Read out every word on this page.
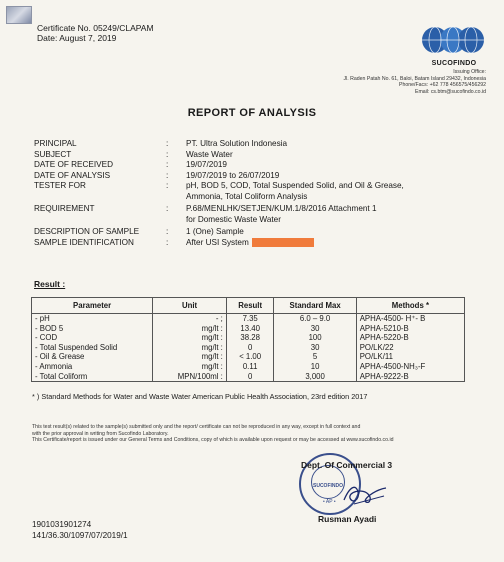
Certificate No. 05249/CLAPAM
Date: August 7, 2019
SUCOFINDO
Issuing Office:
Jl. Raden Patah No. 61, Baloi, Batam Island 29432, Indonesia
Phone/Facs: +62 778 456575/456292
Email: cs.btm@sucofindo.co.id
REPORT OF ANALYSIS
PRINCIPAL	:	PT. Ultra Solution Indonesia
SUBJECT	:	Waste Water
DATE OF RECEIVED	:	19/07/2019
DATE OF ANALYSIS	:	19/07/2019 to 26/07/2019
TESTER FOR	:	pH, BOD 5, COD, Total Suspended Solid, and Oil & Grease,
Ammonia, Total Coliform Analysis
REQUIREMENT	:	P.68/MENLHK/SETJEN/KUM.1/8/2016 Attachment 1
for Domestic Waste Water
DESCRIPTION OF SAMPLE	:	1 (One) Sample
SAMPLE IDENTIFICATION	:	After USI System
Result :
Parameter	Unit	Result	Standard Max	Methods *
- pH	- ;	7.35	6.0 – 9.0	APHA-4500- H⁺- B
- BOD 5	mg/lt :	13.40	30	APHA-5210-B
- COD	mg/lt :	38.28	100	APHA-5220-B
- Total Suspended Solid	mg/lt :	0	30	PO/LK/22
- Oil & Grease	mg/lt :	< 1.00	5	PO/LK/11
- Ammonia	mg/lt :	0.11	10	APHA-4500-NH₃-F
- Total Coliform	MPN/100ml :	0	3,000	APHA-9222-B
* ) Standard Methods for Water and Waste Water American Public Health Association, 23rd edition 2017
This test result(s) related to the sample(s) submitted only and the report/ certificate can not be reproduced in any way, except in full context and
with the prior approval in writing from Sucofindo Laboratory.
This Certificate/report is issued under our General Terms and Conditions, copy of which is available upon request or may be accessed at www.sucofindo.co.id
SUCOFINDO
• AP •
Dept. Of Commercial 3
Rusman Ayadi
1901031901274
141/36.30/1097/07/2019/1
